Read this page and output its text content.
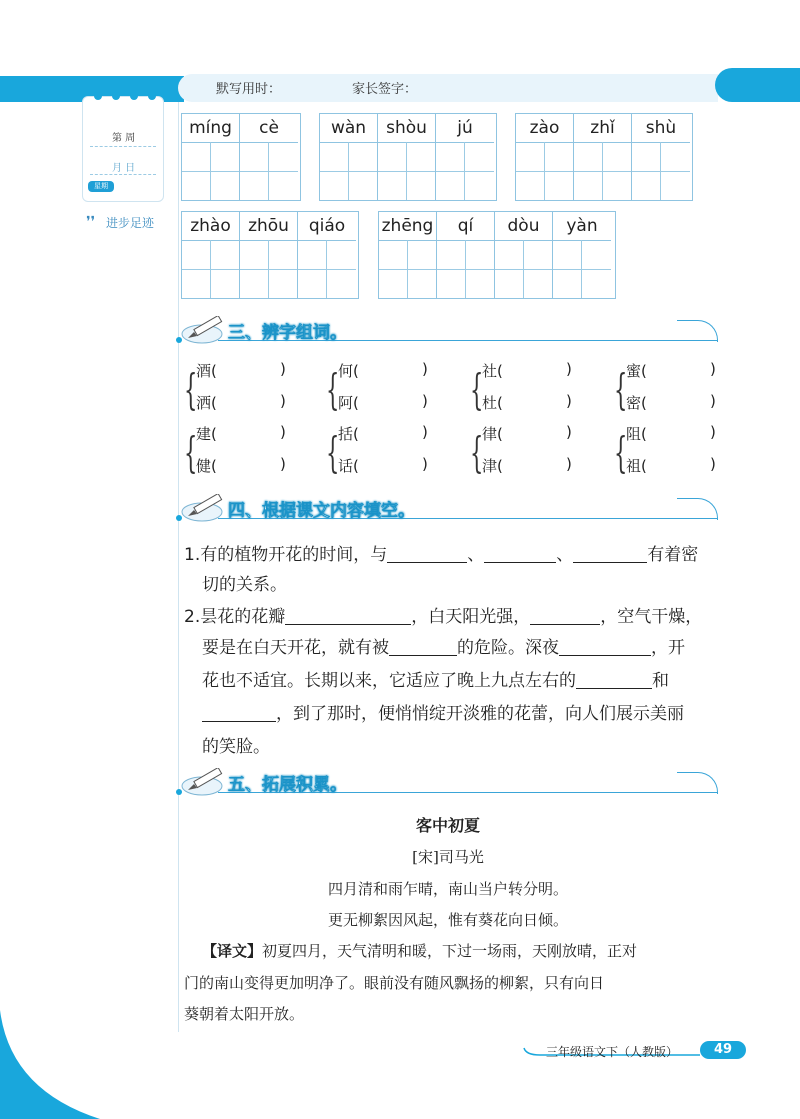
默写用时：	家长签字：
第 周
月 日
星期
❜❜ 进步足迹
míng	cè	wàn	shòu	jú	zào	zhǐ	shù
zhào	zhōu	qiáo	zhēng	qí	dòu	yàn
三、辨字组词。
{
酒(	)
洒(	) {
何(	)
阿(	) {
社(	)
杜(	) {
蜜(	)
密(	)
{
建(	)
健(	) {
括(	)
话(	) {
律(	)
津(	) {
阻(	)
祖(	)
四、根据课文内容填空。
1.有的植物开花的时间，与	、	、	有着密
切的关系。
2.昙花的花瓣	，白天阳光强，	，空气干燥，
要是在白天开花，就有被	的危险。深夜	，开
花也不适宜。长期以来，它适应了晚上九点左右的	和
，到了那时，便悄悄绽开淡雅的花蕾，向人们展示美丽
的笑脸。
五、拓展积累。
客中初夏
[宋]司马光
四月清和雨乍晴，南山当户转分明。
更无柳絮因风起，惟有葵花向日倾。
【译文】初夏四月，天气清明和暖，下过一场雨，天刚放晴，正对
门的南山变得更加明净了。眼前没有随风飘扬的柳絮，只有向日
葵朝着太阳开放。
三年级语文下（人教版）	49
